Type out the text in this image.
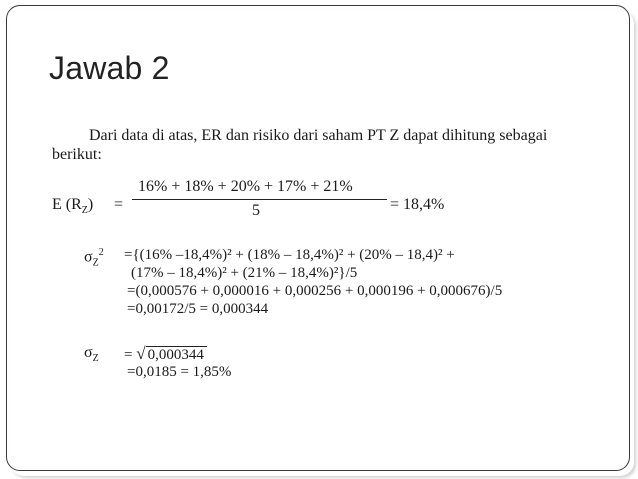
Jawab 2
Dari data di atas, ER dan risiko dari saham PT Z dapat dihitung sebagai
berikut:
E $(R_Z)$ =
16% + 18% + 20% + 17% + 21%
5	= 18,4%
$\sigma_Z^2 =\{(16\%$ –18,4%)² + (18% – 18,4%)² + (20% – 18,4)² +
(17% – 18,4%)² + (21% – 18,4%)²}/5
=(0,000576 + 0,000016 + 0,000256 + 0,000196 + 0,000676)/5
=0,00172/5 = 0,000344
$\sigma_Z$ = √ 0,000344
=0,0185 = 1,85%
